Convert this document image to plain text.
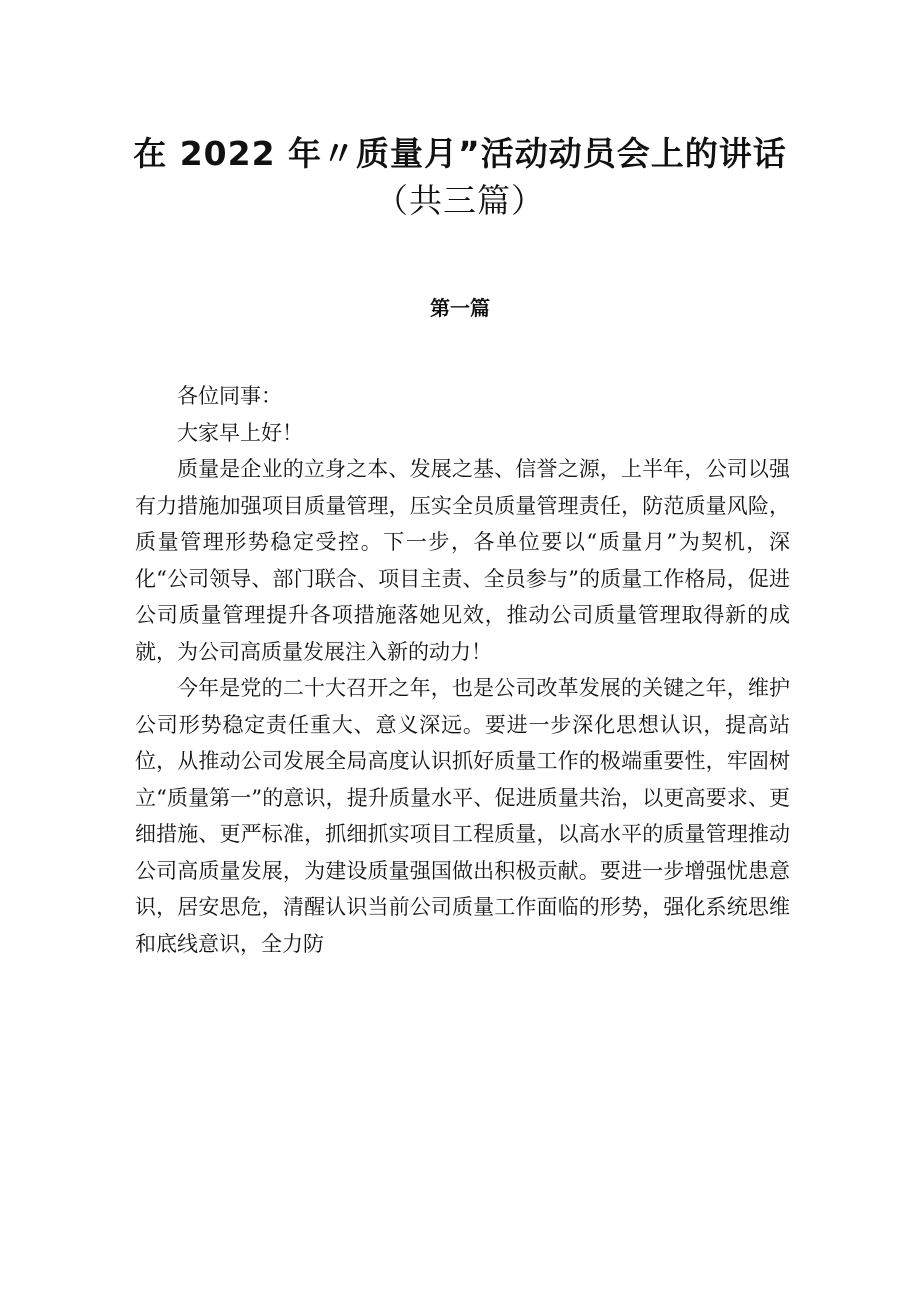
在 2022 年〃质量月”活动动员会上的讲话
（共三篇）
第一篇

各位同事：

大家早上好！

质量是企业的立身之本、发展之基、信誉之源，上半年，公司以强有力措施加强项目质量管理，压实全员质量管理责任，防范质量风险，质量管理形势稳定受控。下一步，各单位要以“质量月”为契机，深化“公司领导、部门联合、项目主责、全员参与”的质量工作格局，促进公司质量管理提升各项措施落她见效，推动公司质量管理取得新的成就，为公司高质量发展注入新的动力！

今年是党的二十大召开之年，也是公司改革发展的关键之年，维护公司形势稳定责任重大、意义深远。要进一步深化思想认识，提高站位，从推动公司发展全局高度认识抓好质量工作的极端重要性，牢固树立“质量第一”的意识，提升质量水平、促进质量共治，以更高要求、更细措施、更严标准，抓细抓实项目工程质量，以高水平的质量管理推动公司高质量发展，为建设质量强国做出积极贡献。要进一步增强忧患意识，居安思危，清醒认识当前公司质量工作面临的形势，强化系统思维和底线意识，全力防
